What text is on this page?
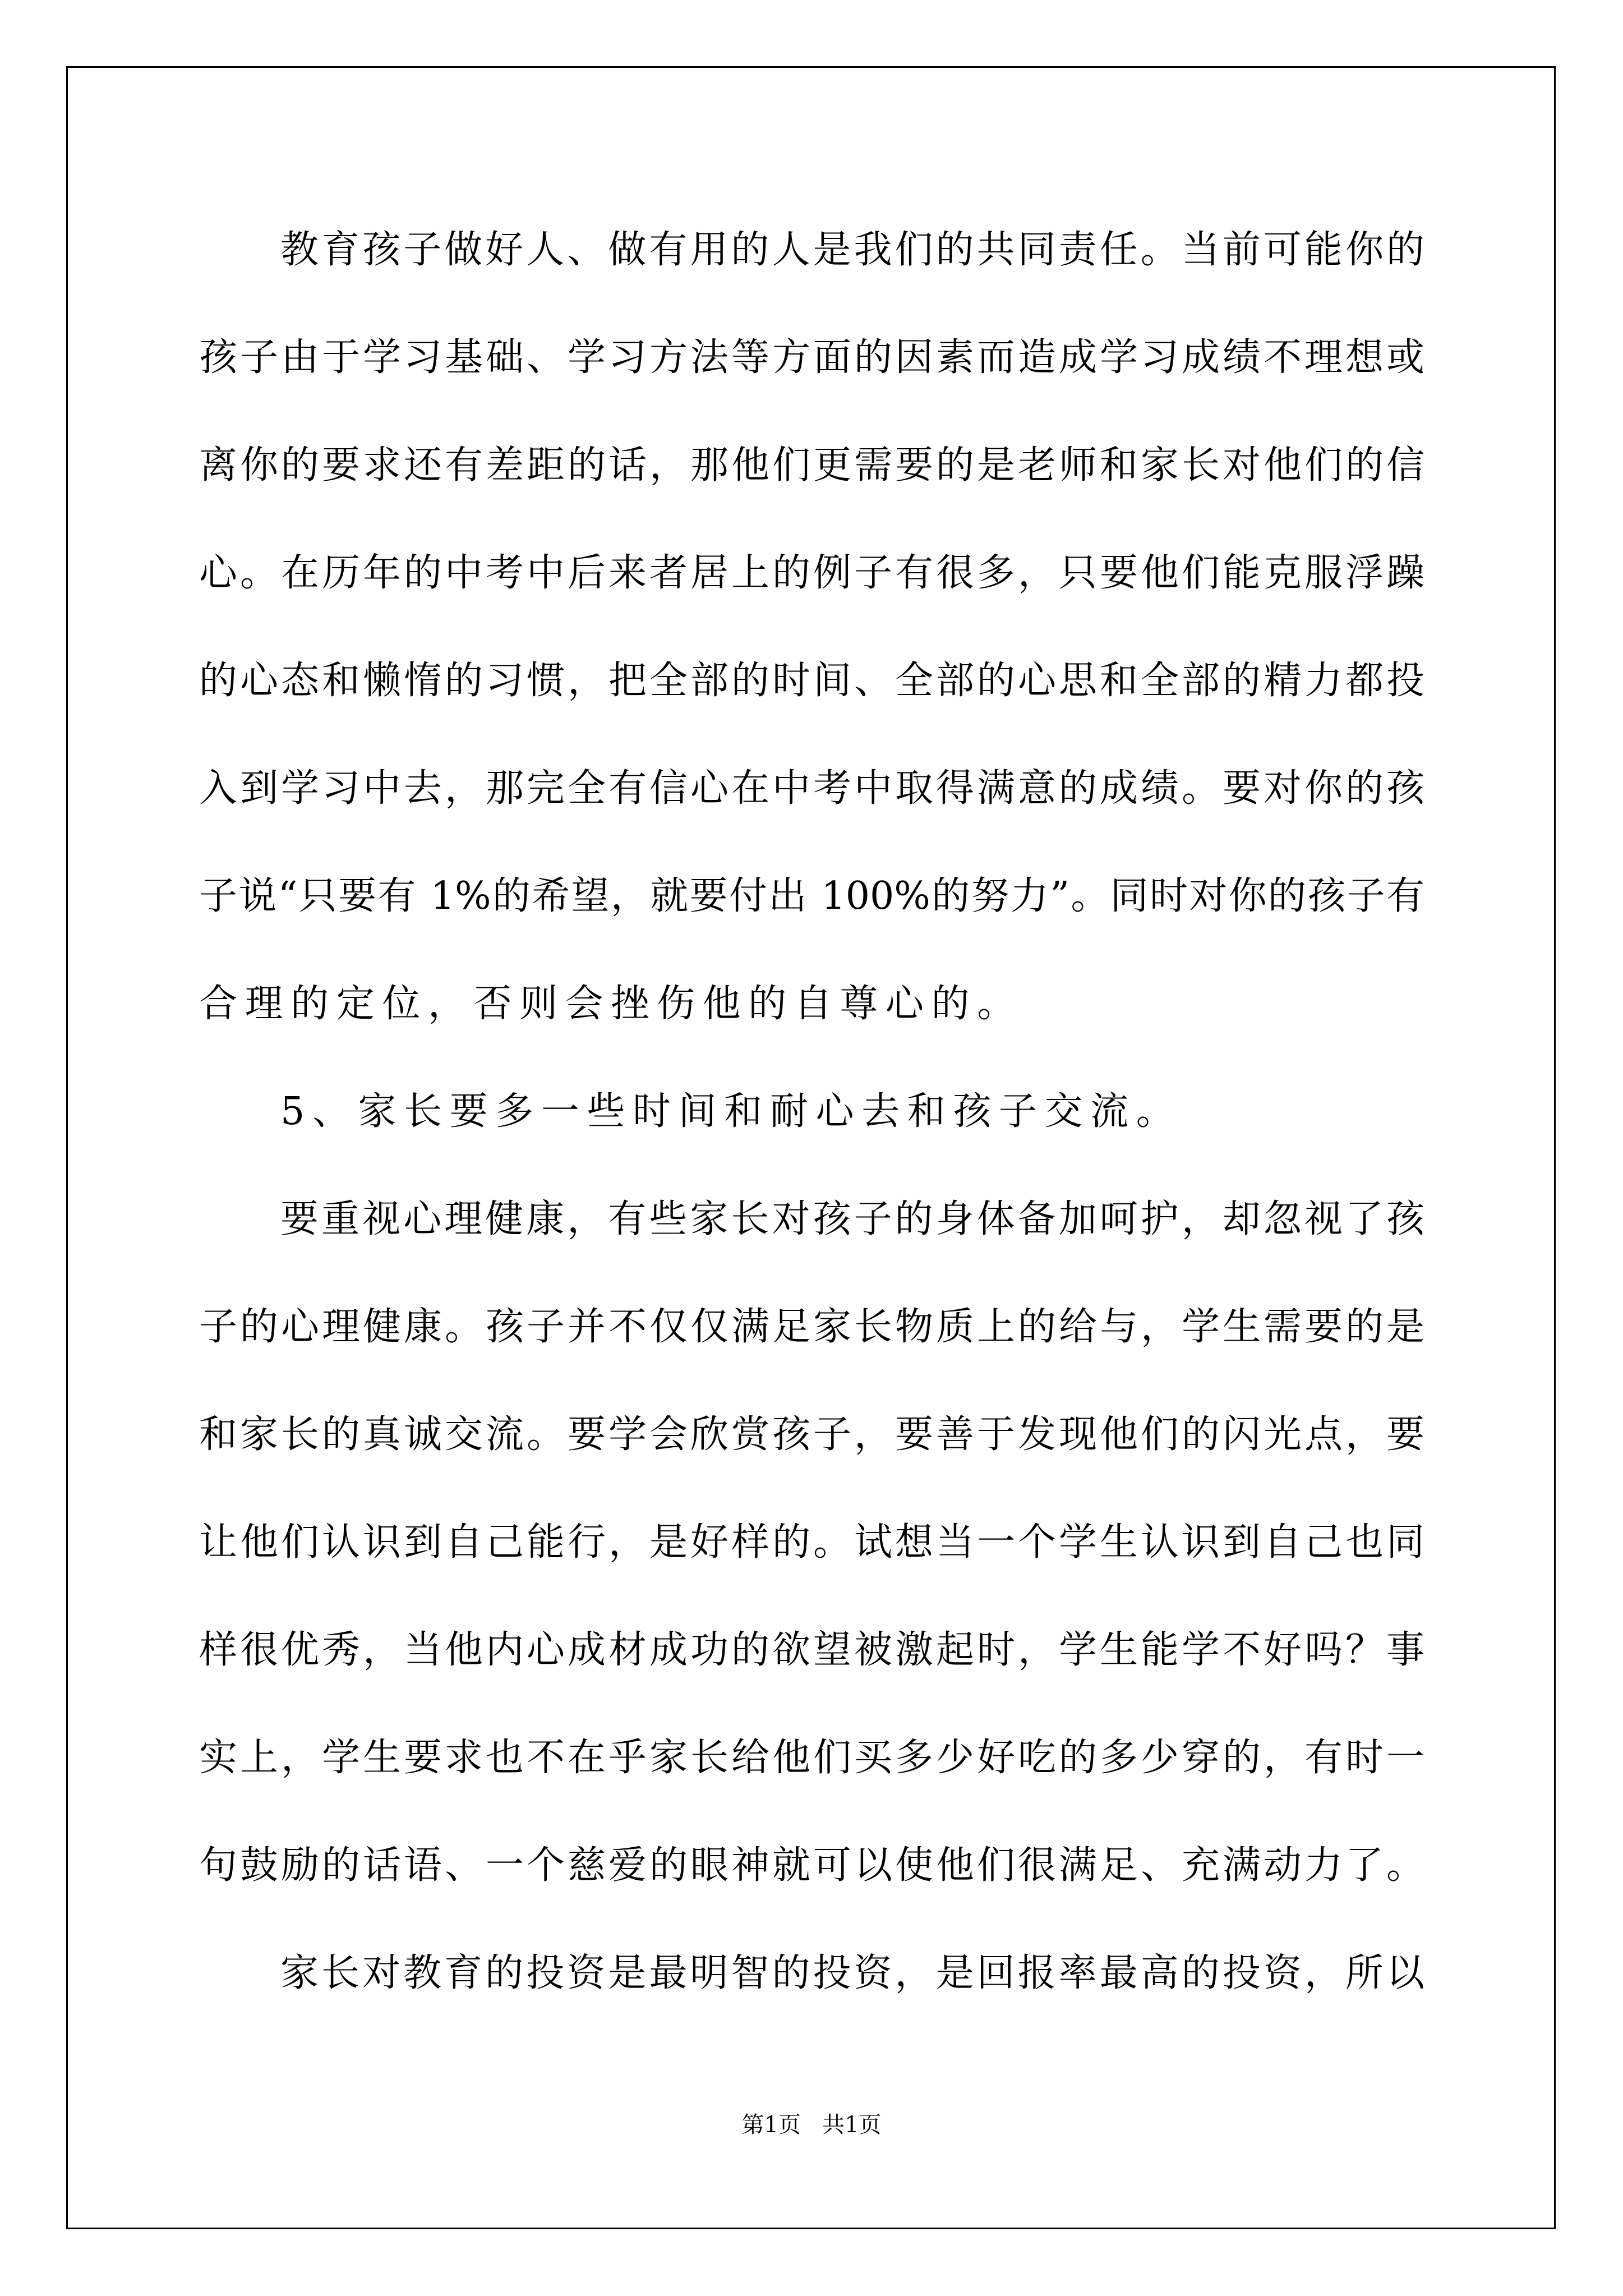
教育孩子做好人、做有用的人是我们的共同责任。当前可能你的
孩子由于学习基础、学习方法等方面的因素而造成学习成绩不理想或
离你的要求还有差距的话，那他们更需要的是老师和家长对他们的信
心。在历年的中考中后来者居上的例子有很多，只要他们能克服浮躁
的心态和懒惰的习惯，把全部的时间、全部的心思和全部的精力都投
入到学习中去，那完全有信心在中考中取得满意的成绩。要对你的孩
子说“只要有 1%的希望，就要付出 100%的努力”。同时对你的孩子有
合理的定位，否则会挫伤他的自尊心的。
5、家长要多一些时间和耐心去和孩子交流。
要重视心理健康，有些家长对孩子的身体备加呵护，却忽视了孩
子的心理健康。孩子并不仅仅满足家长物质上的给与，学生需要的是
和家长的真诚交流。要学会欣赏孩子，要善于发现他们的闪光点，要
让他们认识到自己能行，是好样的。试想当一个学生认识到自己也同
样很优秀，当他内心成材成功的欲望被激起时，学生能学不好吗？事
实上，学生要求也不在乎家长给他们买多少好吃的多少穿的，有时一
句鼓励的话语、一个慈爱的眼神就可以使他们很满足、充满动力了。
家长对教育的投资是最明智的投资，是回报率最高的投资，所以
第1页   共1页
